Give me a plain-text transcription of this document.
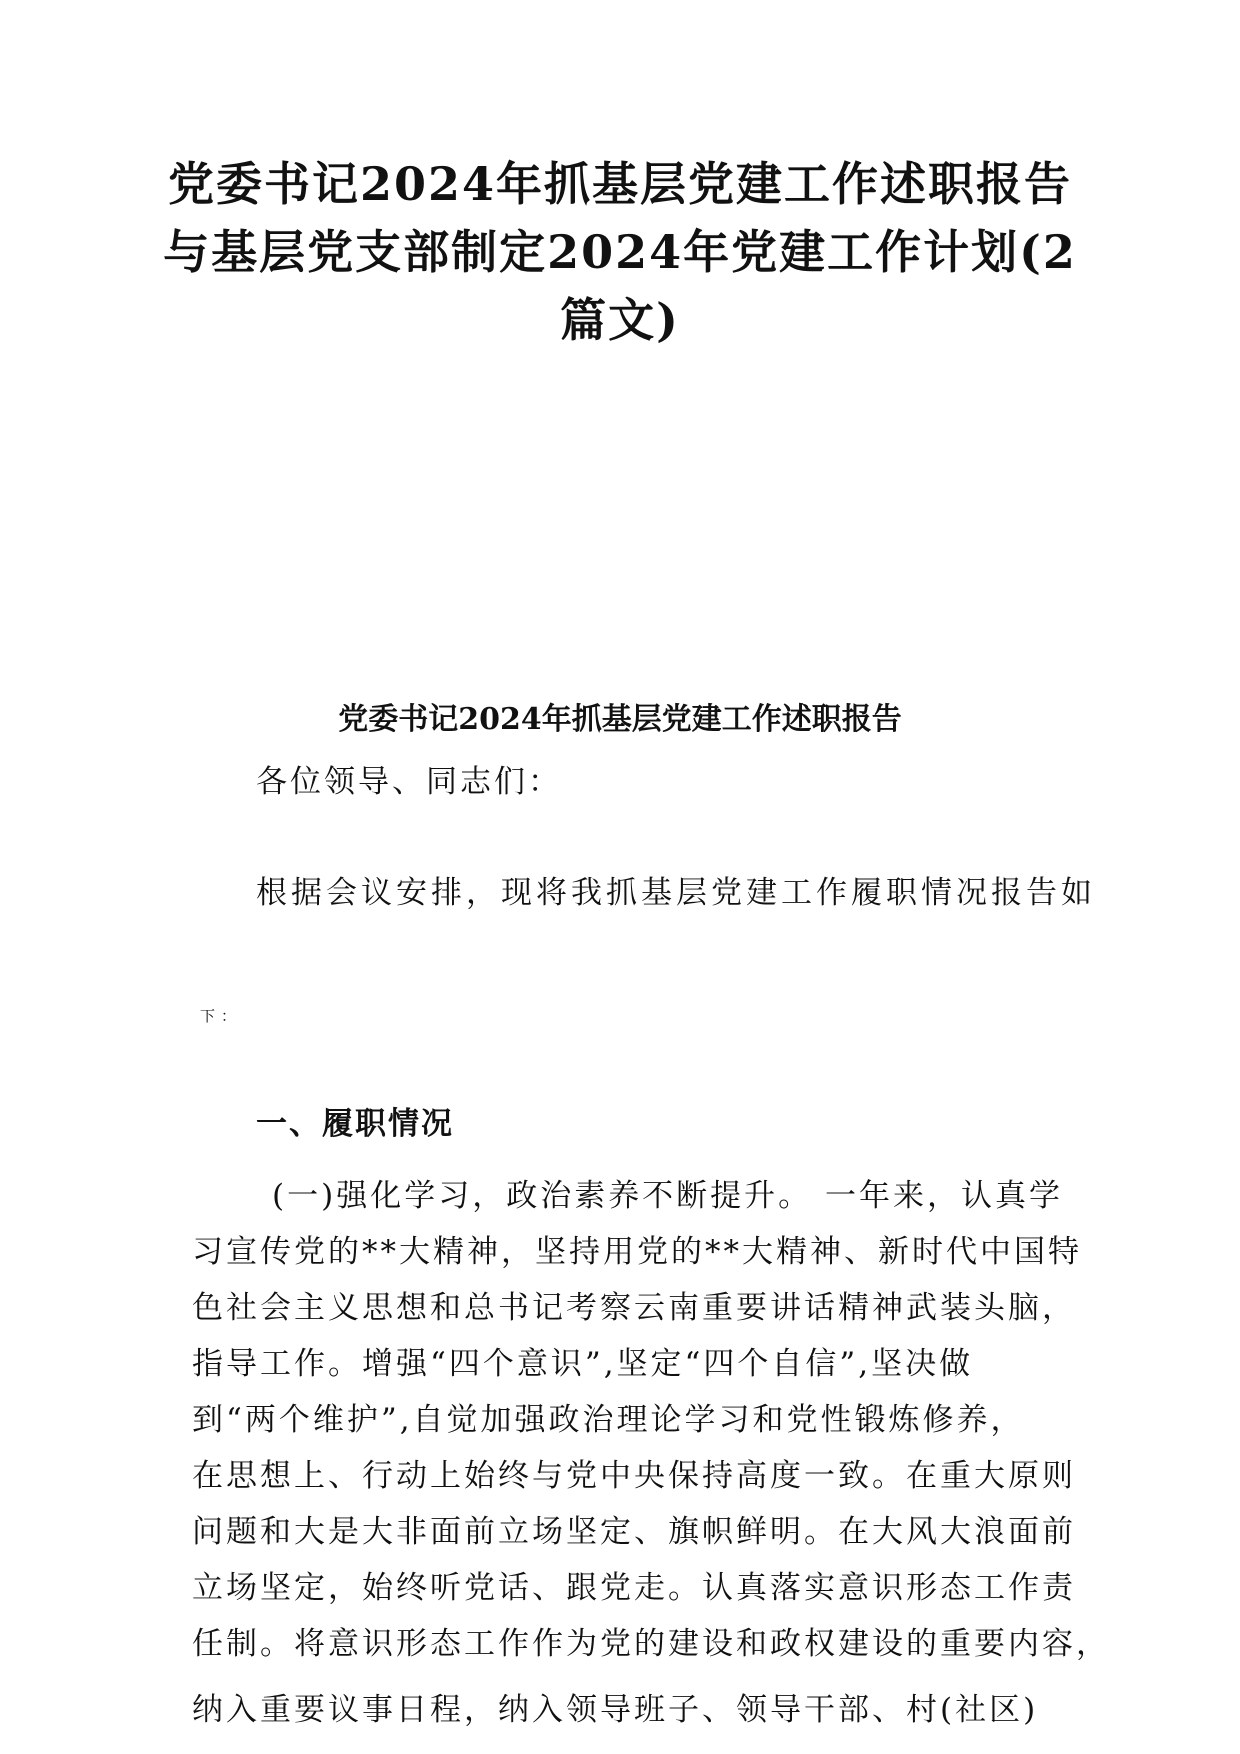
党委书记2024年抓基层党建工作述职报告
与基层党支部制定2024年党建工作计划(2
篇文)
党委书记2024年抓基层党建工作述职报告

各位领导、同志们：

根据会议安排，现将我抓基层党建工作履职情况报告如

下：

一、履职情况
(一)强化学习，政治素养不断提升。 一年来，认真学
习宣传党的**大精神，坚持用党的**大精神、新时代中国特
色社会主义思想和总书记考察云南重要讲话精神武装头脑，
指导工作。增强“四个意识”,坚定“四个自信”,坚决做
到“两个维护”,自觉加强政治理论学习和党性锻炼修养，
在思想上、行动上始终与党中央保持高度一致。在重大原则
问题和大是大非面前立场坚定、旗帜鲜明。在大风大浪面前
立场坚定，始终听党话、跟党走。认真落实意识形态工作责
任制。将意识形态工作作为党的建设和政权建设的重要内容，
纳入重要议事日程，纳入领导班子、领导干部、村(社区)
